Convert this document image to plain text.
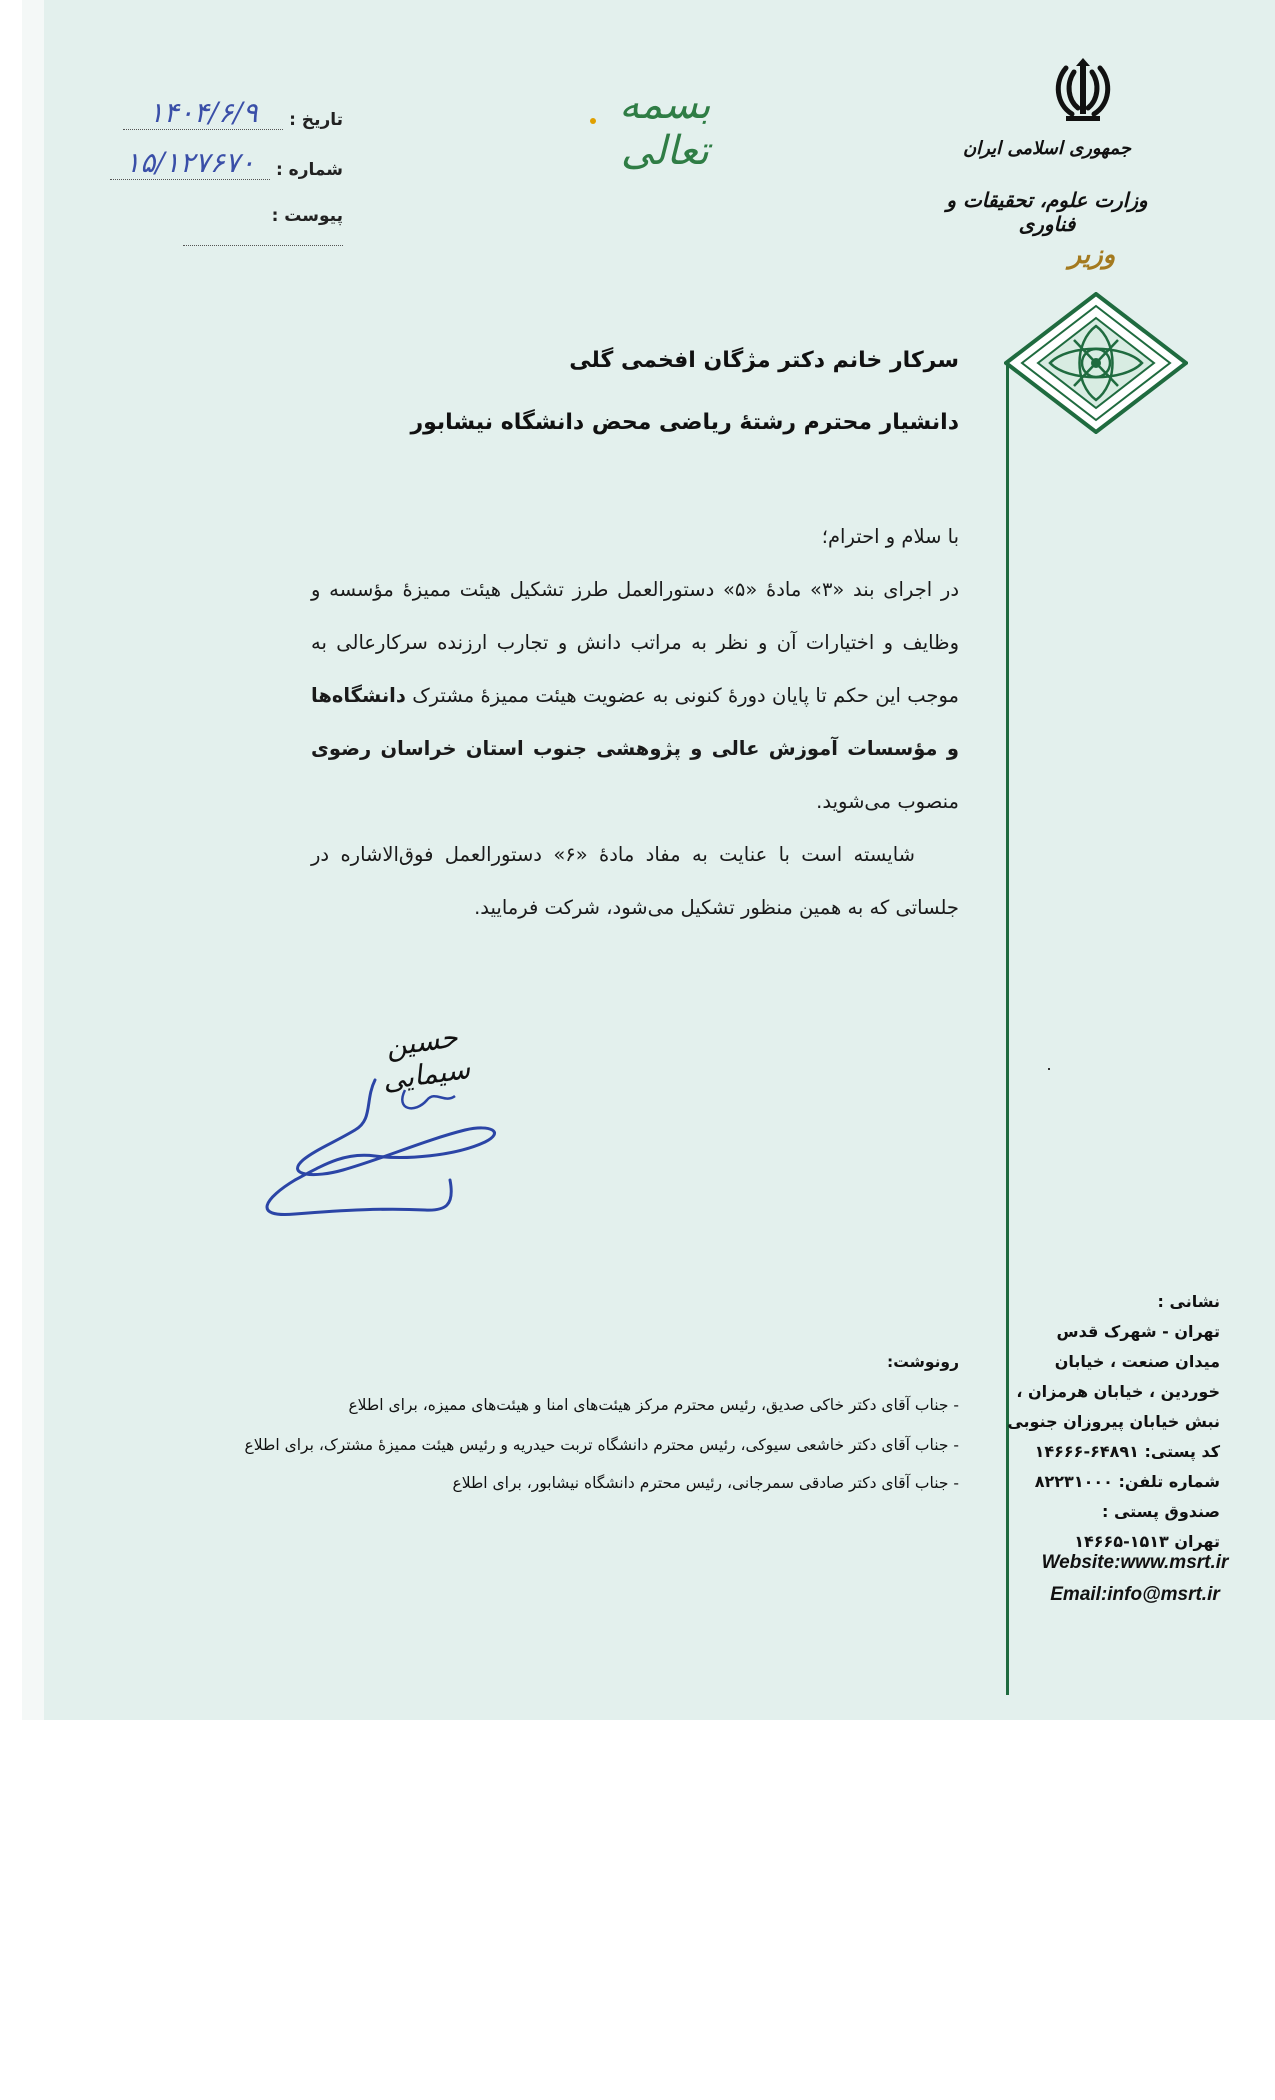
تاریخ : ۱۴۰۴/۶/۹
شماره : ۱۵/۱۲۷۶۷۰
پیوست :
بسمه تعالی	جمهوری اسلامی ایران
وزارت علوم، تحقیقات و فناوری
وزیر
سرکار خانم دکتر مژگان افخمی گلی
دانشیار محترم رشتهٔ ریاضی محض دانشگاه نیشابور

با سلام و احترام؛

در اجرای بند «۳» مادهٔ «۵» دستورالعمل طرز تشکیل هیئت ممیزهٔ مؤسسه و وظایف و اختیارات آن و نظر به مراتب دانش و تجارب ارزنده سرکارعالی به موجب این حکم تا پایان دورهٔ کنونی به عضویت هیئت ممیزهٔ مشترک دانشگاه‌ها و مؤسسات آموزش عالی و پژوهشی جنوب استان خراسان رضوی منصوب می‌شوید.

شایسته است با عنایت به مفاد مادهٔ «۶» دستورالعمل فوق‌الاشاره در جلساتی که به همین منظور تشکیل می‌شود، شرکت فرمایید.

حسین سیمایی
رونوشت:
- جناب آقای دکتر خاکی صدیق، رئیس محترم مرکز هیئت‌های امنا و هیئت‌های ممیزه، برای اطلاع
- جناب آقای دکتر خاشعی سیوکی، رئیس محترم دانشگاه تربت حیدریه و رئیس هیئت ممیزهٔ مشترک، برای اطلاع
- جناب آقای دکتر صادقی سمرجانی، رئیس محترم دانشگاه نیشابور، برای اطلاع
نشانی :
تهران - شهرک قدس
میدان صنعت ، خیابان
خوردین ، خیابان هرمزان ،
نبش خیابان پیروزان جنوبی
کد پستی: ۶۴۸۹۱-۱۴۶۶۶
شماره تلفن: ۸۲۲۳۱۰۰۰
صندوق پستی :
تهران ۱۵۱۳-۱۴۶۶۵
Website:www.msrt.ir
Email:info@msrt.ir
